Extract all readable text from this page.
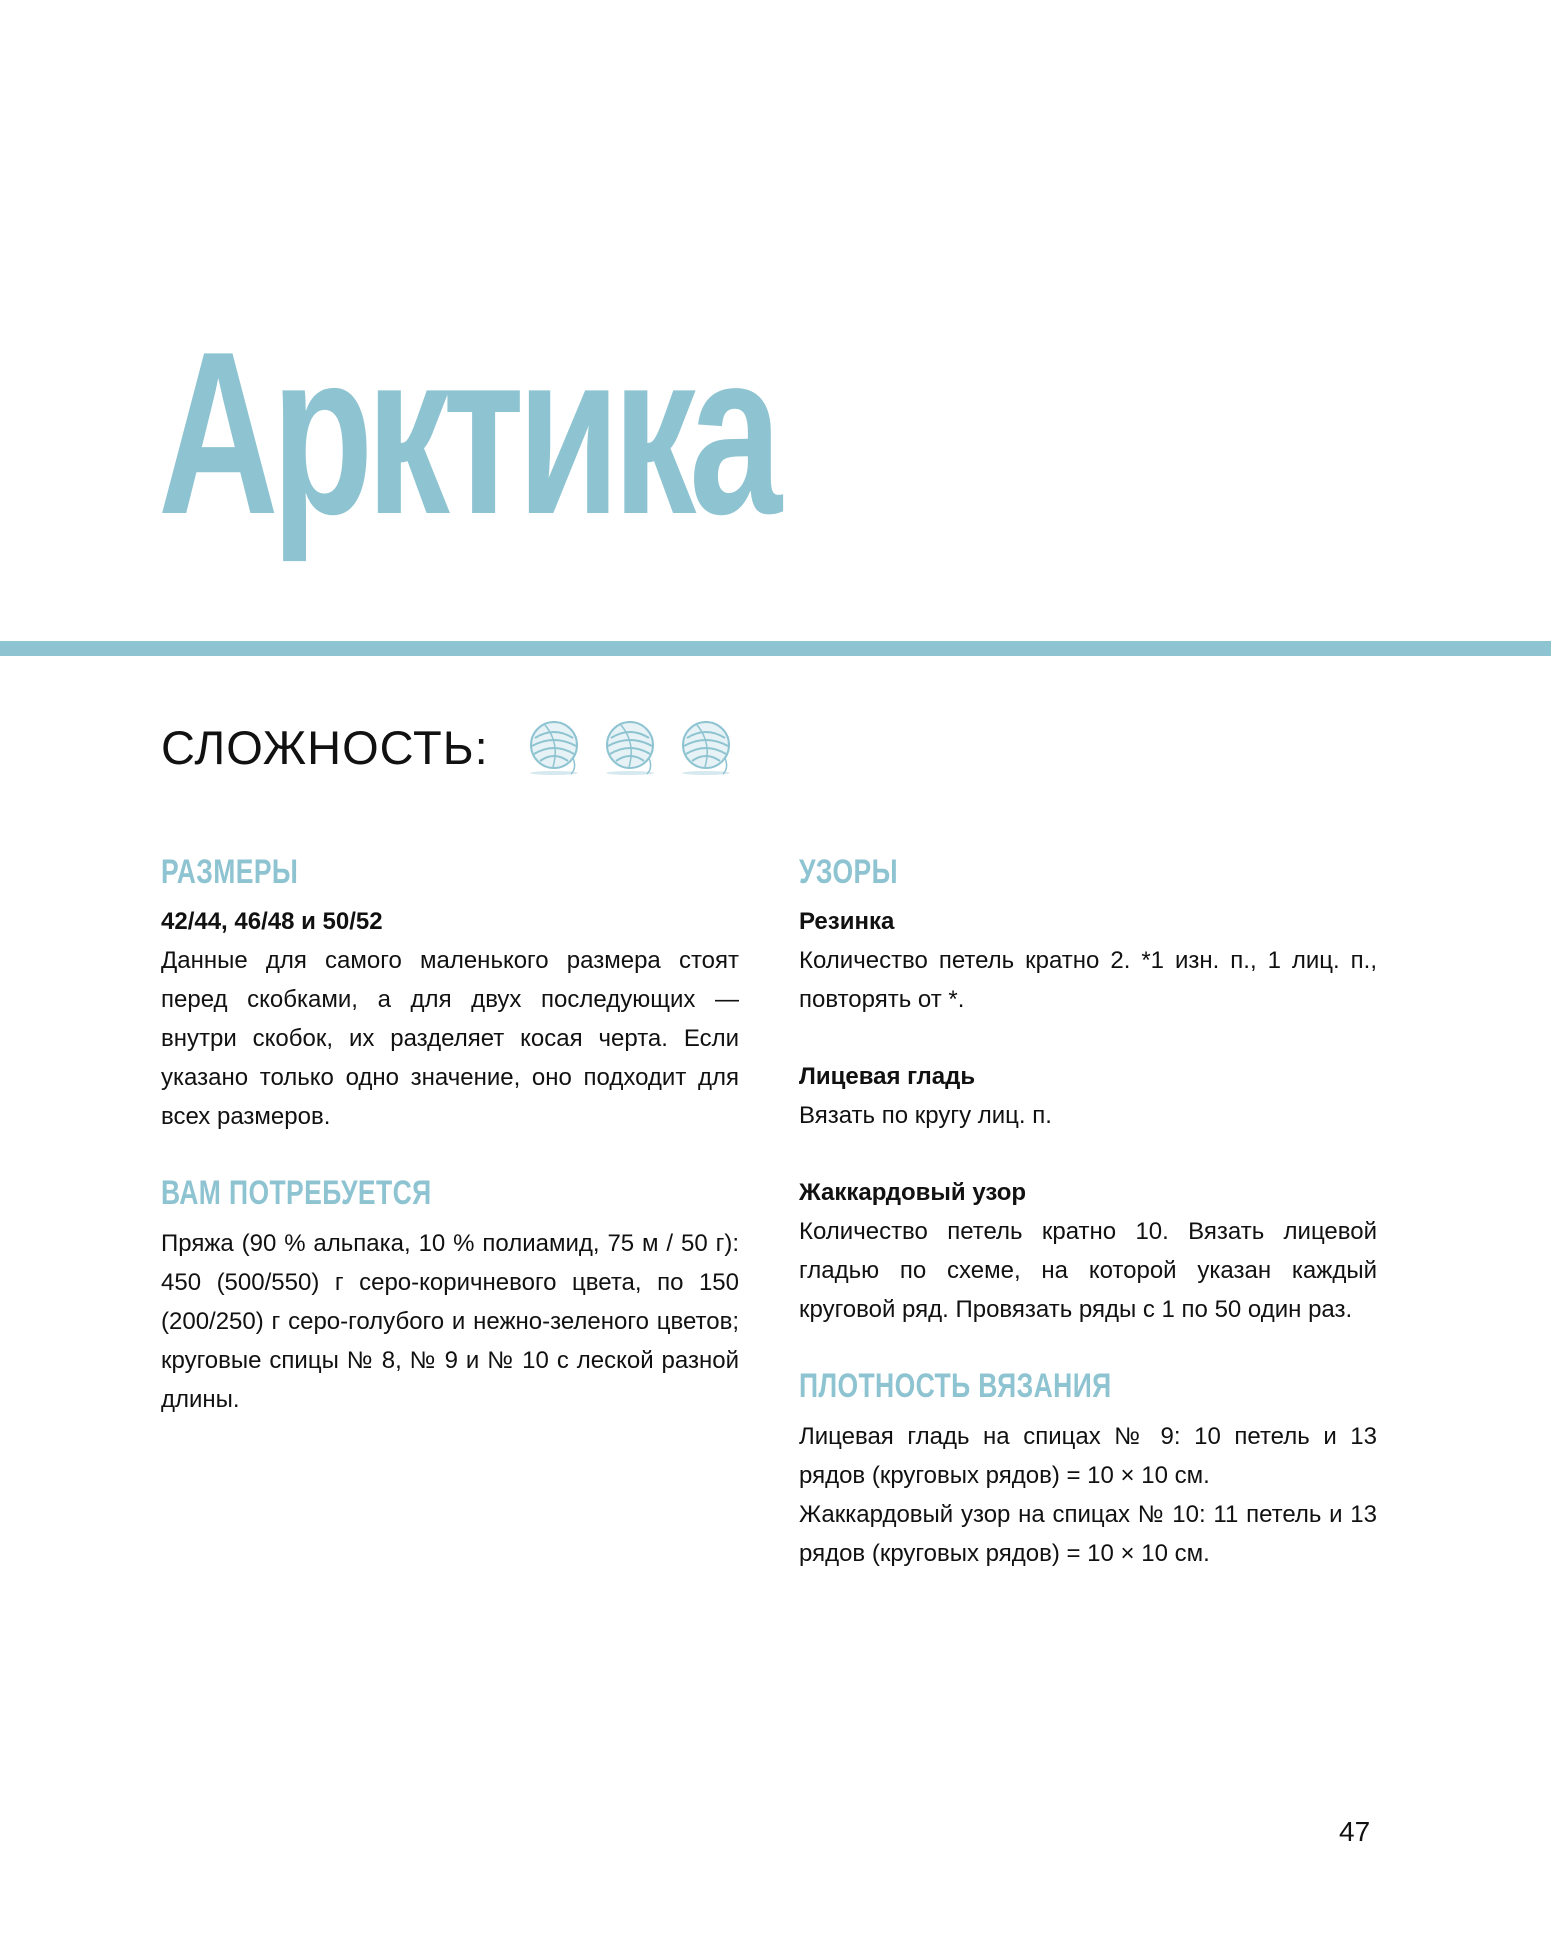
Арктика
СЛОЖНОСТЬ:
РАЗМЕРЫ

42/44, 46/48 и 50/52

Данные для самого маленького размера стоят перед скобками, а для двух последующих — внутри скобок, их разделяет косая черта. Если указано только одно значение, оно подходит для всех размеров.

ВАМ ПОТРЕБУЕТСЯ

Пряжа (90 % альпака, 10 % полиамид, 75 м / 50 г): 450 (500/550) г серо-коричневого цвета, по 150 (200/250) г серо-голубого и нежно-зеленого цветов; круговые спицы № 8, № 9 и № 10 с леской разной длины.

УЗОРЫ

Резинка

Количество петель кратно 2. *1 изн. п., 1 лиц. п., повторять от *.

Лицевая гладь

Вязать по кругу лиц. п.

Жаккардовый узор

Количество петель кратно 10. Вязать лицевой гладью по схеме, на которой указан каждый круговой ряд. Провязать ряды с 1 по 50 один раз.

ПЛОТНОСТЬ ВЯЗАНИЯ

Лицевая гладь на спицах № 9: 10 петель и 13 рядов (круговых рядов) = 10 × 10 см.

Жаккардовый узор на спицах № 10: 11 петель и 13 рядов (круговых рядов) = 10 × 10 см.

47
